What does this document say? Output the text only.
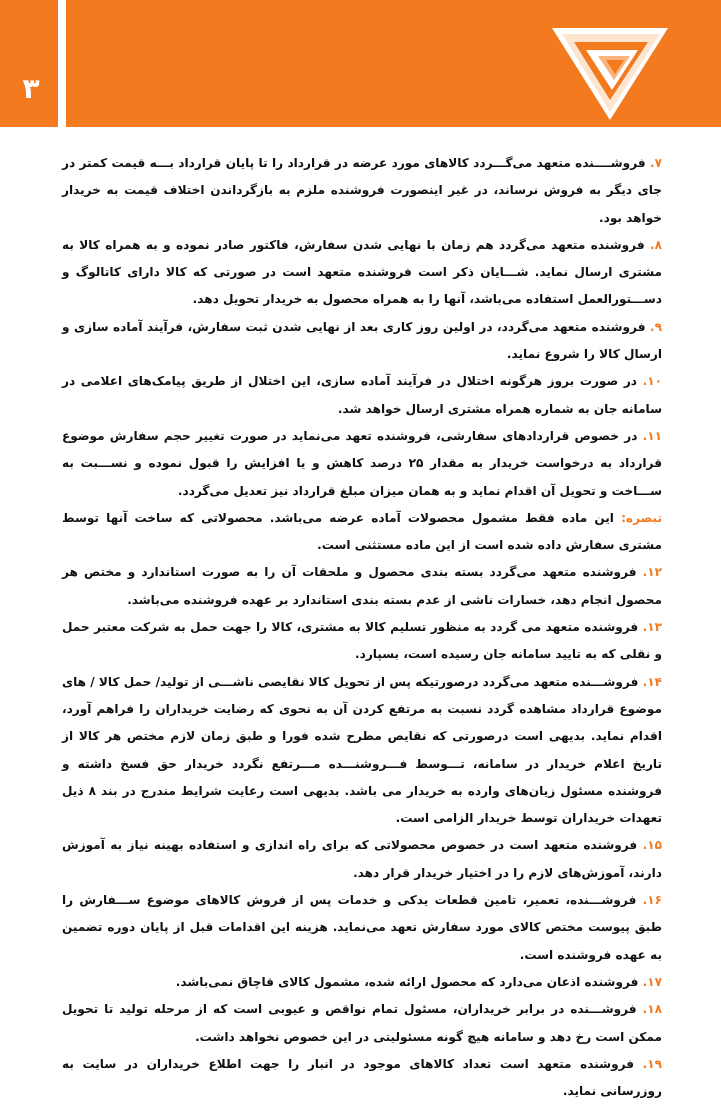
۳

۷. فروشــــنده متعهد می‌گـــردد کالاهای مورد عرضه در قرارداد را تا پایان قرارداد بـــه قیمت کمتر در جای دیگر به فروش نرساند، در غیر اینصورت فروشنده ملزم به بازگرداندن اختلاف قیمت به خریدار خواهد بود.

۸. فروشنده متعهد می‌گردد هم زمان با نهایی شدن سفارش، فاکتور صادر نموده و به همراه کالا به مشتری ارسال نماید. شـــایان ذکر است فروشنده متعهد است در صورتی که کالا دارای کاتالوگ و دســـتورالعمل استفاده می‌باشد، آنها را به همراه محصول به خریدار تحویل دهد.

۹. فروشنده متعهد می‌گردد، در اولین روز کاری بعد از نهایی شدن ثبت سفارش، فرآیند آماده سازی و ارسال کالا را شروع نماید.

۱۰. در صورت بروز هرگونه اختلال در فرآیند آماده سازی، این اختلال از طریق پیامک‌های اعلامی در سامانه جان به شماره همراه مشتری ارسال خواهد شد.

۱۱. در خصوص قراردادهای سفارشی، فروشنده تعهد می‌نماید در صورت تغییر حجم سفارش موضوع قرارداد به درخواست خریدار به مقدار ۲۵ درصد کاهش و یا افزایش را قبول نموده و نســـبت به ســـاخت و تحویل آن اقدام نماید و به همان میزان مبلغ قرارداد نیز تعدیل می‌گردد.

تبصره: این ماده فقط مشمول محصولات آماده عرضه می‌باشد. محصولاتی که ساخت آنها توسط مشتری سفارش داده شده است از این ماده مستثنی است.

۱۲. فروشنده متعهد می‌گردد بسته بندی محصول و ملحقات آن را به صورت استاندارد و مختص هر محصول انجام دهد، خسارات ناشی از عدم بسته بندی استاندارد بر عهده فروشنده می‌باشد.

۱۳. فروشنده متعهد می گردد به منظور تسلیم کالا به مشتری، کالا را جهت حمل به شرکت معتبر حمل و نقلی که به تایید سامانه جان رسیده است، بسپارد.

۱۴. فروشـــنده متعهد می‌گردد درصورتیکه پس از تحویل کالا نقایصی ناشـــی از تولید/ حمل کالا / های موضوع قرارداد مشاهده گردد نسبت به مرتفع کردن آن به نحوی که رضایت خریداران را فراهم آورد، اقدام نماید. بدیهی است درصورتی که نقایص مطرح شده فورا و طبق زمان لازم مختص هر کالا از تاریخ اعلام خریدار در سامانه، تـــوسط فـــروشنـــده مـــرتفع نگردد خریدار حق فسخ داشته و فروشنده مسئول زیان‌های وارده به خریدار می باشد. بدیهی است رعایت شرایط مندرج در بند ۸ ذیل تعهدات خریداران توسط خریدار الزامی است.

۱۵. فروشنده متعهد است در خصوص محصولاتی که برای راه اندازی و استفاده بهینه نیاز به آموزش دارند، آموزش‌های لازم را در اختیار خریدار قرار دهد.

۱۶. فروشـــنده، تعمیر، تامین قطعات یدکی و خدمات پس از فروش کالاهای موضوع ســـفارش را طبق پیوست مختص کالای مورد سفارش تعهد می‌نماید. هزینه این اقدامات قبل از پایان دوره تضمین به عهده فروشنده است.

۱۷. فروشنده اذعان می‌دارد که محصول ارائه شده، مشمول کالای قاچاق نمی‌باشد.

۱۸. فروشـــنده در برابر خریداران، مسئول تمام نواقص و عیوبی است که از مرحله تولید تا تحویل ممکن است رخ دهد و سامانه هیچ گونه مسئولیتی در این خصوص نخواهد داشت.

۱۹. فروشنده متعهد است تعداد کالاهای موجود در انبار را جهت اطلاع خریداران در سایت به روزرسانی نماید.
